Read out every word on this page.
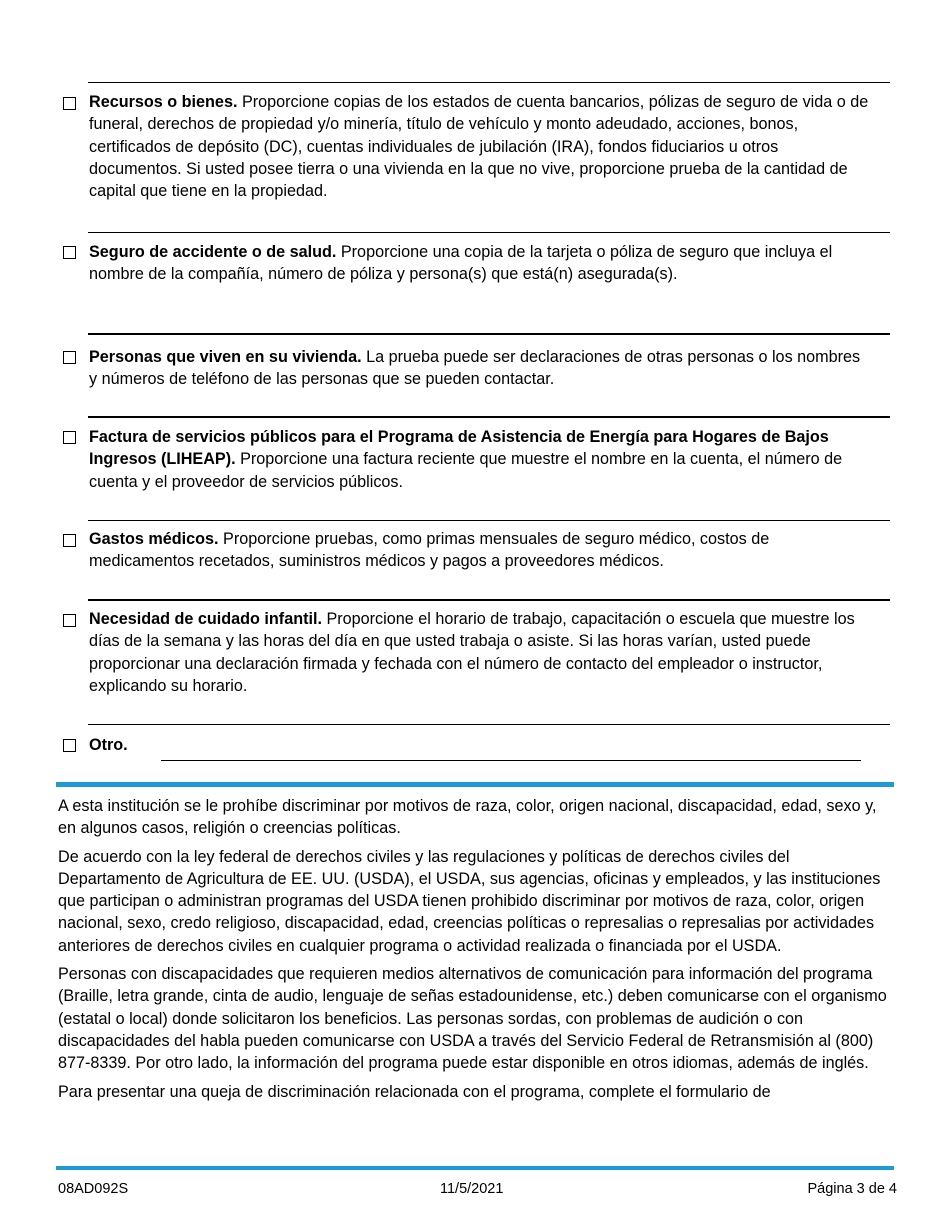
Recursos o bienes. Proporcione copias de los estados de cuenta bancarios, pólizas de seguro de vida o de funeral, derechos de propiedad y/o minería, título de vehículo y monto adeudado, acciones, bonos, certificados de depósito (DC), cuentas individuales de jubilación (IRA), fondos fiduciarios u otros documentos. Si usted posee tierra o una vivienda en la que no vive, proporcione prueba de la cantidad de capital que tiene en la propiedad.
Seguro de accidente o de salud. Proporcione una copia de la tarjeta o póliza de seguro que incluya el nombre de la compañía, número de póliza y persona(s) que está(n) asegurada(s).
Personas que viven en su vivienda. La prueba puede ser declaraciones de otras personas o los nombres y números de teléfono de las personas que se pueden contactar.
Factura de servicios públicos para el Programa de Asistencia de Energía para Hogares de Bajos Ingresos (LIHEAP). Proporcione una factura reciente que muestre el nombre en la cuenta, el número de cuenta y el proveedor de servicios públicos.
Gastos médicos. Proporcione pruebas, como primas mensuales de seguro médico, costos de medicamentos recetados, suministros médicos y pagos a proveedores médicos.
Necesidad de cuidado infantil. Proporcione el horario de trabajo, capacitación o escuela que muestre los días de la semana y las horas del día en que usted trabaja o asiste. Si las horas varían, usted puede proporcionar una declaración firmada y fechada con el número de contacto del empleador o instructor, explicando su horario.
Otro.

A esta institución se le prohíbe discriminar por motivos de raza, color, origen nacional, discapacidad, edad, sexo y, en algunos casos, religión o creencias políticas.

De acuerdo con la ley federal de derechos civiles y las regulaciones y políticas de derechos civiles del Departamento de Agricultura de EE. UU. (USDA), el USDA, sus agencias, oficinas y empleados, y las instituciones que participan o administran programas del USDA tienen prohibido discriminar por motivos de raza, color, origen nacional, sexo, credo religioso, discapacidad, edad, creencias políticas o represalias o represalias por actividades anteriores de derechos civiles en cualquier programa o actividad realizada o financiada por el USDA.

Personas con discapacidades que requieren medios alternativos de comunicación para información del programa (Braille, letra grande, cinta de audio, lenguaje de señas estadounidense, etc.) deben comunicarse con el organismo (estatal o local) donde solicitaron los beneficios. Las personas sordas, con problemas de audición o con discapacidades del habla pueden comunicarse con USDA a través del Servicio Federal de Retransmisión al (800) 877-8339. Por otro lado, la información del programa puede estar disponible en otros idiomas, además de inglés.

Para presentar una queja de discriminación relacionada con el programa, complete el formulario de

08AD092S	11/5/2021	Página 3 de 4
